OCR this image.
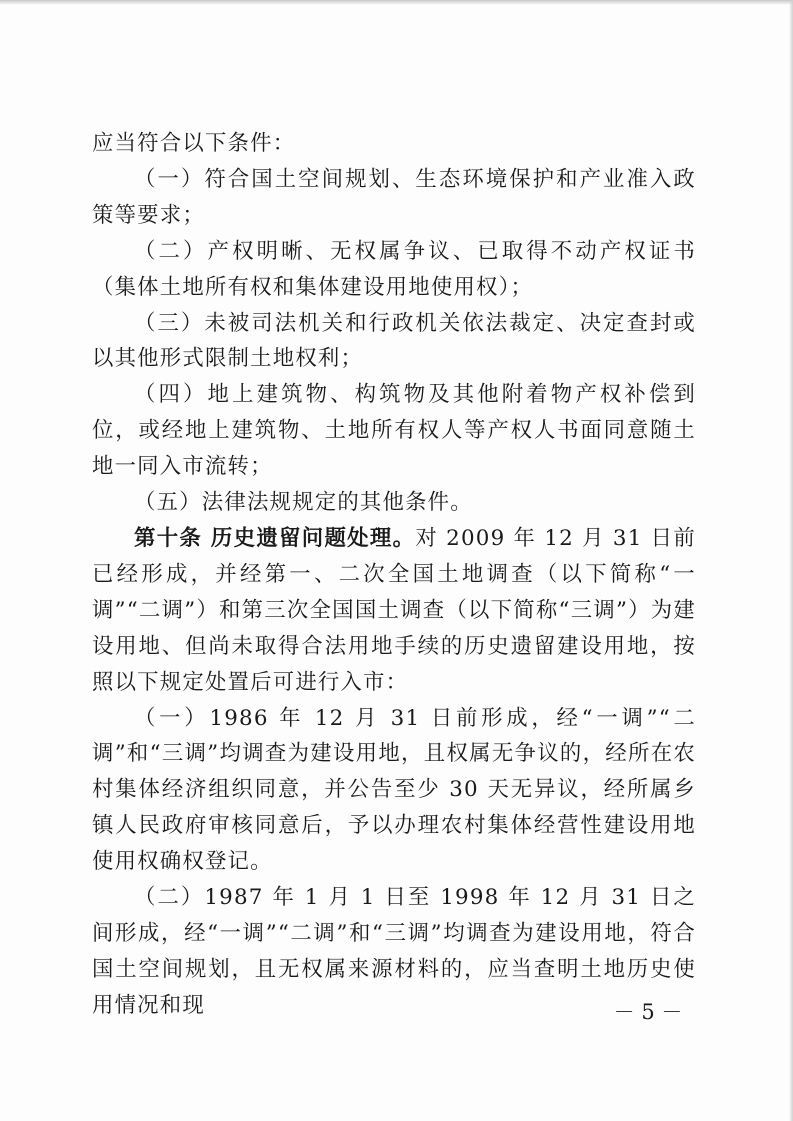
应当符合以下条件：

（一）符合国土空间规划、生态环境保护和产业准入政策等要求；

（二）产权明晰、无权属争议、已取得不动产权证书（集体土地所有权和集体建设用地使用权）；

（三）未被司法机关和行政机关依法裁定、决定查封或以其他形式限制土地权利；

（四）地上建筑物、构筑物及其他附着物产权补偿到位，或经地上建筑物、土地所有权人等产权人书面同意随土地一同入市流转；

（五）法律法规规定的其他条件。

第十条 历史遗留问题处理。对 2009 年 12 月 31 日前已经形成，并经第一、二次全国土地调查（以下简称“一调”“二调”）和第三次全国国土调查（以下简称“三调”）为建设用地、但尚未取得合法用地手续的历史遗留建设用地，按照以下规定处置后可进行入市：

（一）1986 年 12 月 31 日前形成，经“一调”“二调”和“三调”均调查为建设用地，且权属无争议的，经所在农村集体经济组织同意，并公告至少 30 天无异议，经所属乡镇人民政府审核同意后，予以办理农村集体经营性建设用地使用权确权登记。

（二）1987 年 1 月 1 日至 1998 年 12 月 31 日之间形成，经“一调”“二调”和“三调”均调查为建设用地，符合国土空间规划，且无权属来源材料的，应当查明土地历史使用情况和现	－ 5 －
